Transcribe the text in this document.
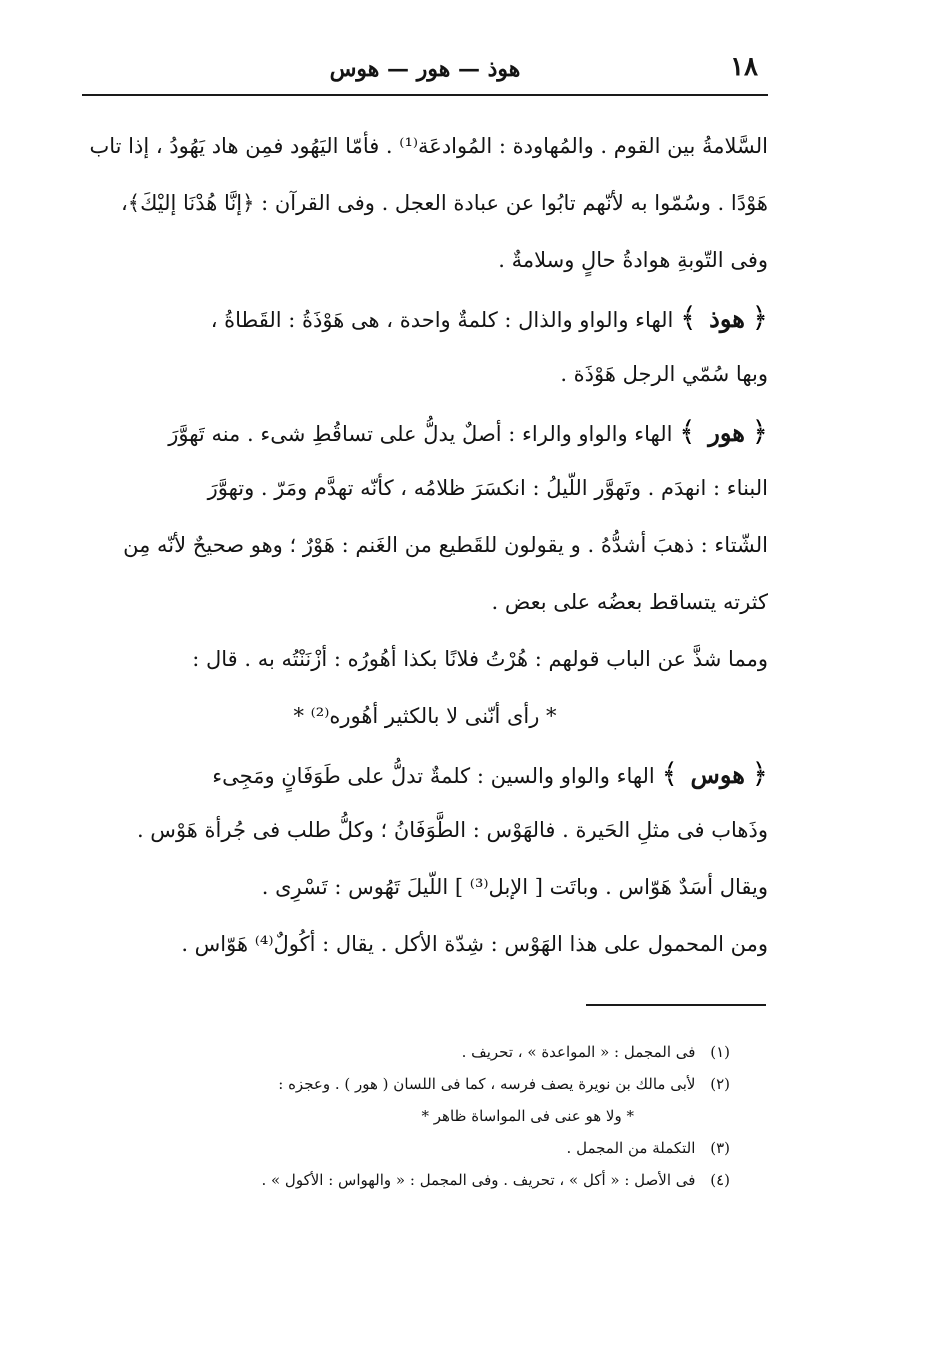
١٨
هوذ — هور — هوس
السَّلامةُ بين القوم . والمُهاودة : المُوادعَة⁽¹⁾ . فأمّا اليَهُود فمِن هاد يَهُودُ ، إذا تاب
هَوْدًا . وسُمّوا به لأنّهم تابُوا عن عبادة العجل . وفى القرآن : ﴿إنَّا هُدْنَا إليْكَ﴾،
وفى التّوبةِ هوادةُ حالٍ وسلامةٌ .
﴿ هوذ ﴾ الهاء والواو والذال : كلمةٌ واحدة ، هى هَوْذَةُ : القَطاةُ ،
وبها سُمّي الرجل هَوْذَة .
﴿ هور ﴾ الهاء والواو والراء : أصلٌ يدلُّ على تساقُطِ شىء . منه تَهوَّرَ
البناء : انهدَم . وتَهوَّر اللّيلُ : انكسَرَ ظلامُه ، كأنّه تهدَّم ومَرّ . وتهوَّرَ
الشّتاء : ذهبَ أشدُّهُ . و يقولون للقَطيع من الغَنم : هَوْرٌ ؛ وهو صحيحٌ لأنّه مِن
كثرته يتساقط بعضُه على بعض .
ومما شذَّ عن الباب قولهم : هُرْتُ فلانًا بكذا أهُورُه : أزْنَنْتُه به . قال :
* رأى أنّنى لا بالكثير أهُوره⁽²⁾ *
﴿ هوس ﴾ الهاء والواو والسين : كلمةٌ تدلُّ على طَوَفَانٍ ومَجِىء
وذَهاب فى مثلِ الحَيرة . فالهَوْس : الطَّوَفَانُ ؛ وكلُّ طلب فى جُرأة هَوْس .
ويقال أسَدٌ هَوّاس . وباتَت [ الإبل⁽³⁾ ] اللّيلَ تَهُوس : تَسْرِى .
ومن المحمول على هذا الهَوْس : شِدّة الأكل . يقال : أكُولٌ⁽⁴⁾ هَوّاس .
(١) فى المجمل : « المواعدة » ، تحريف .
(٢) لأبى مالك بن نويرة يصف فرسه ، كما فى اللسان ( هور ) . وعجزه :
* ولا هو عنى فى المواساة ظاهر *
(٣) التكملة من المجمل .
(٤) فى الأصل : « أكل » ، تحريف . وفى المجمل : « والهواس : الأكول » .
